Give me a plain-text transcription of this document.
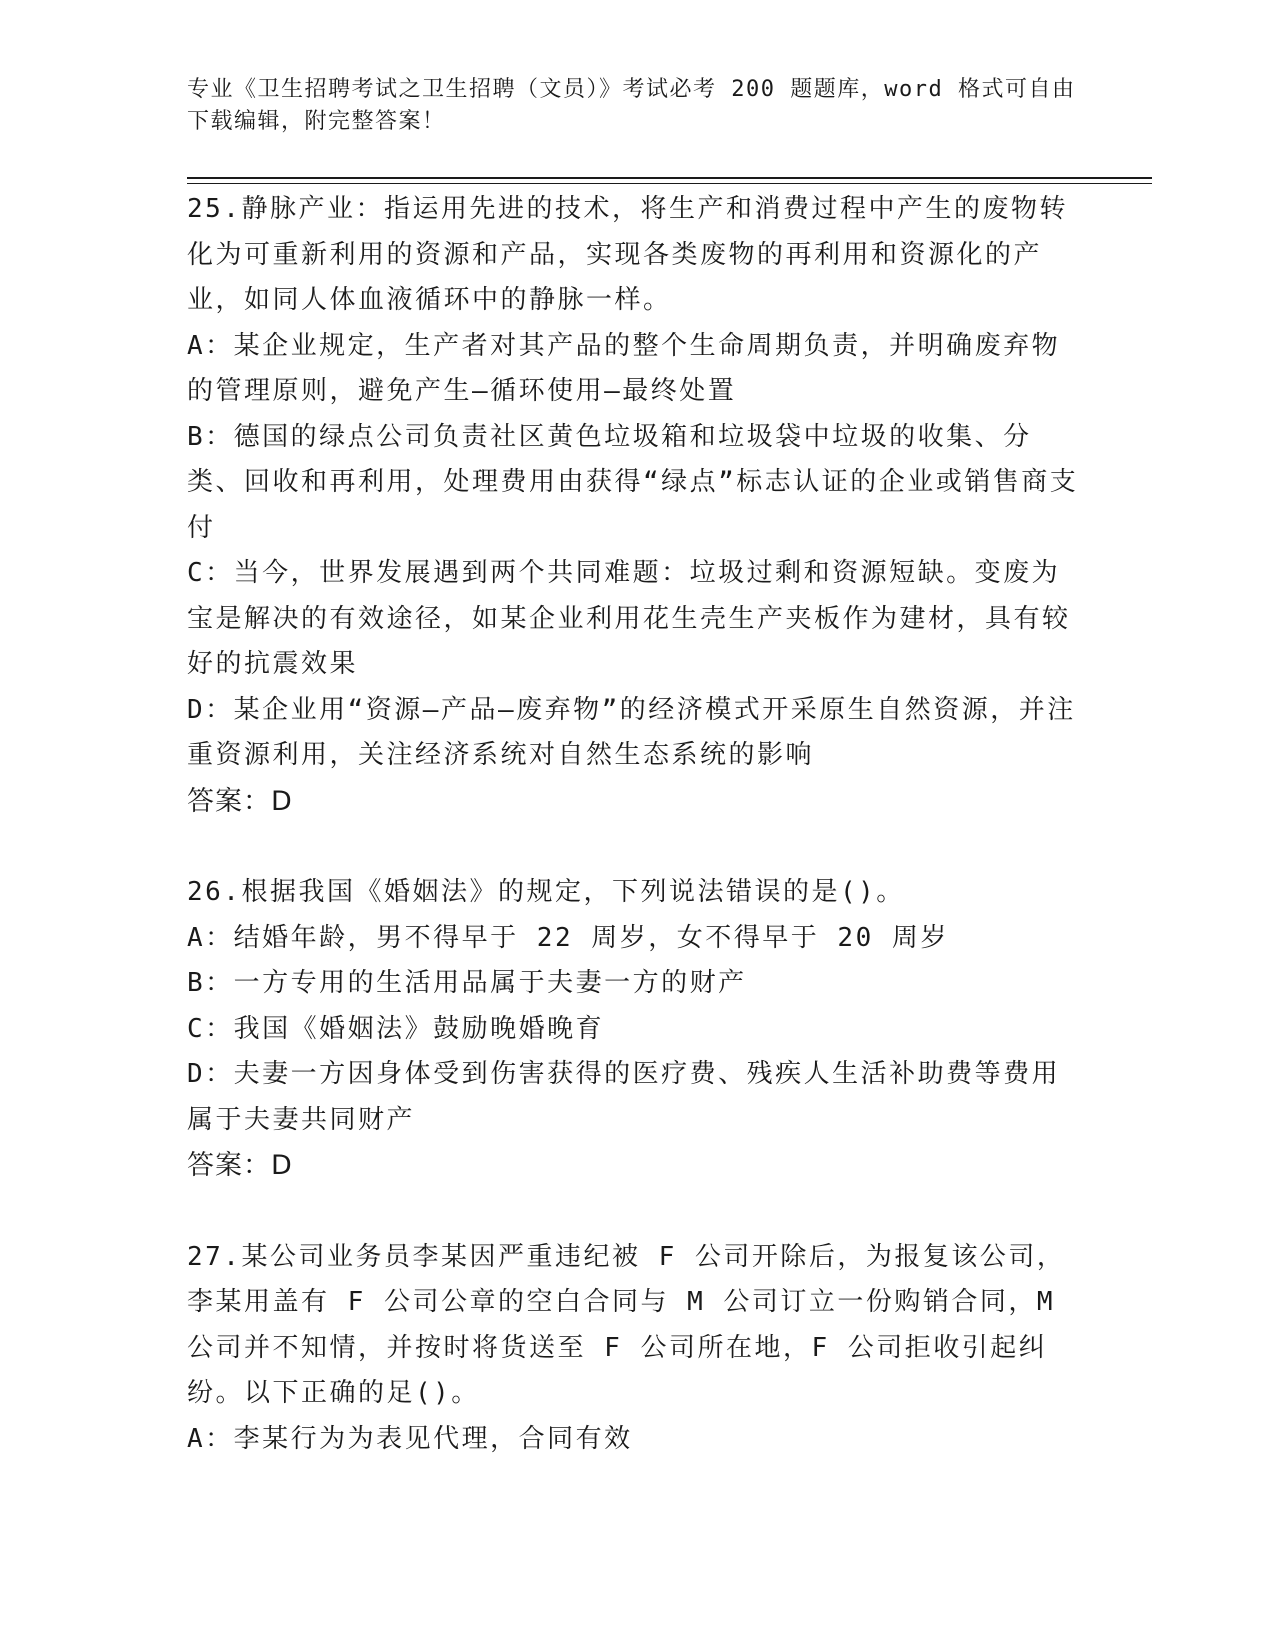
专业《卫生招聘考试之卫生招聘（文员）》考试必考 200 题题库，word 格式可自由下载编辑，附完整答案！

25.静脉产业：指运用先进的技术，将生产和消费过程中产生的废物转化为可重新利用的资源和产品，实现各类废物的再利用和资源化的产业，如同人体血液循环中的静脉一样。

A：某企业规定，生产者对其产品的整个生命周期负责，并明确废弃物的管理原则，避免产生—循环使用—最终处置

B：德国的绿点公司负责社区黄色垃圾箱和垃圾袋中垃圾的收集、分类、回收和再利用，处理费用由获得“绿点”标志认证的企业或销售商支付

C：当今，世界发展遇到两个共同难题：垃圾过剩和资源短缺。变废为宝是解决的有效途径，如某企业利用花生壳生产夹板作为建材，具有较好的抗震效果

D：某企业用“资源—产品—废弃物”的经济模式开采原生自然资源，并注重资源利用，关注经济系统对自然生态系统的影响

答案：D

26.根据我国《婚姻法》的规定，下列说法错误的是()。

A：结婚年龄，男不得早于 22 周岁，女不得早于 20 周岁

B：一方专用的生活用品属于夫妻一方的财产

C：我国《婚姻法》鼓励晚婚晚育

D：夫妻一方因身体受到伤害获得的医疗费、残疾人生活补助费等费用属于夫妻共同财产

答案：D

27.某公司业务员李某因严重违纪被 F 公司开除后，为报复该公司，李某用盖有 F 公司公章的空白合同与 M 公司订立一份购销合同，M 公司并不知情，并按时将货送至 F 公司所在地，F 公司拒收引起纠纷。以下正确的足()。

A：李某行为为表见代理，合同有效
